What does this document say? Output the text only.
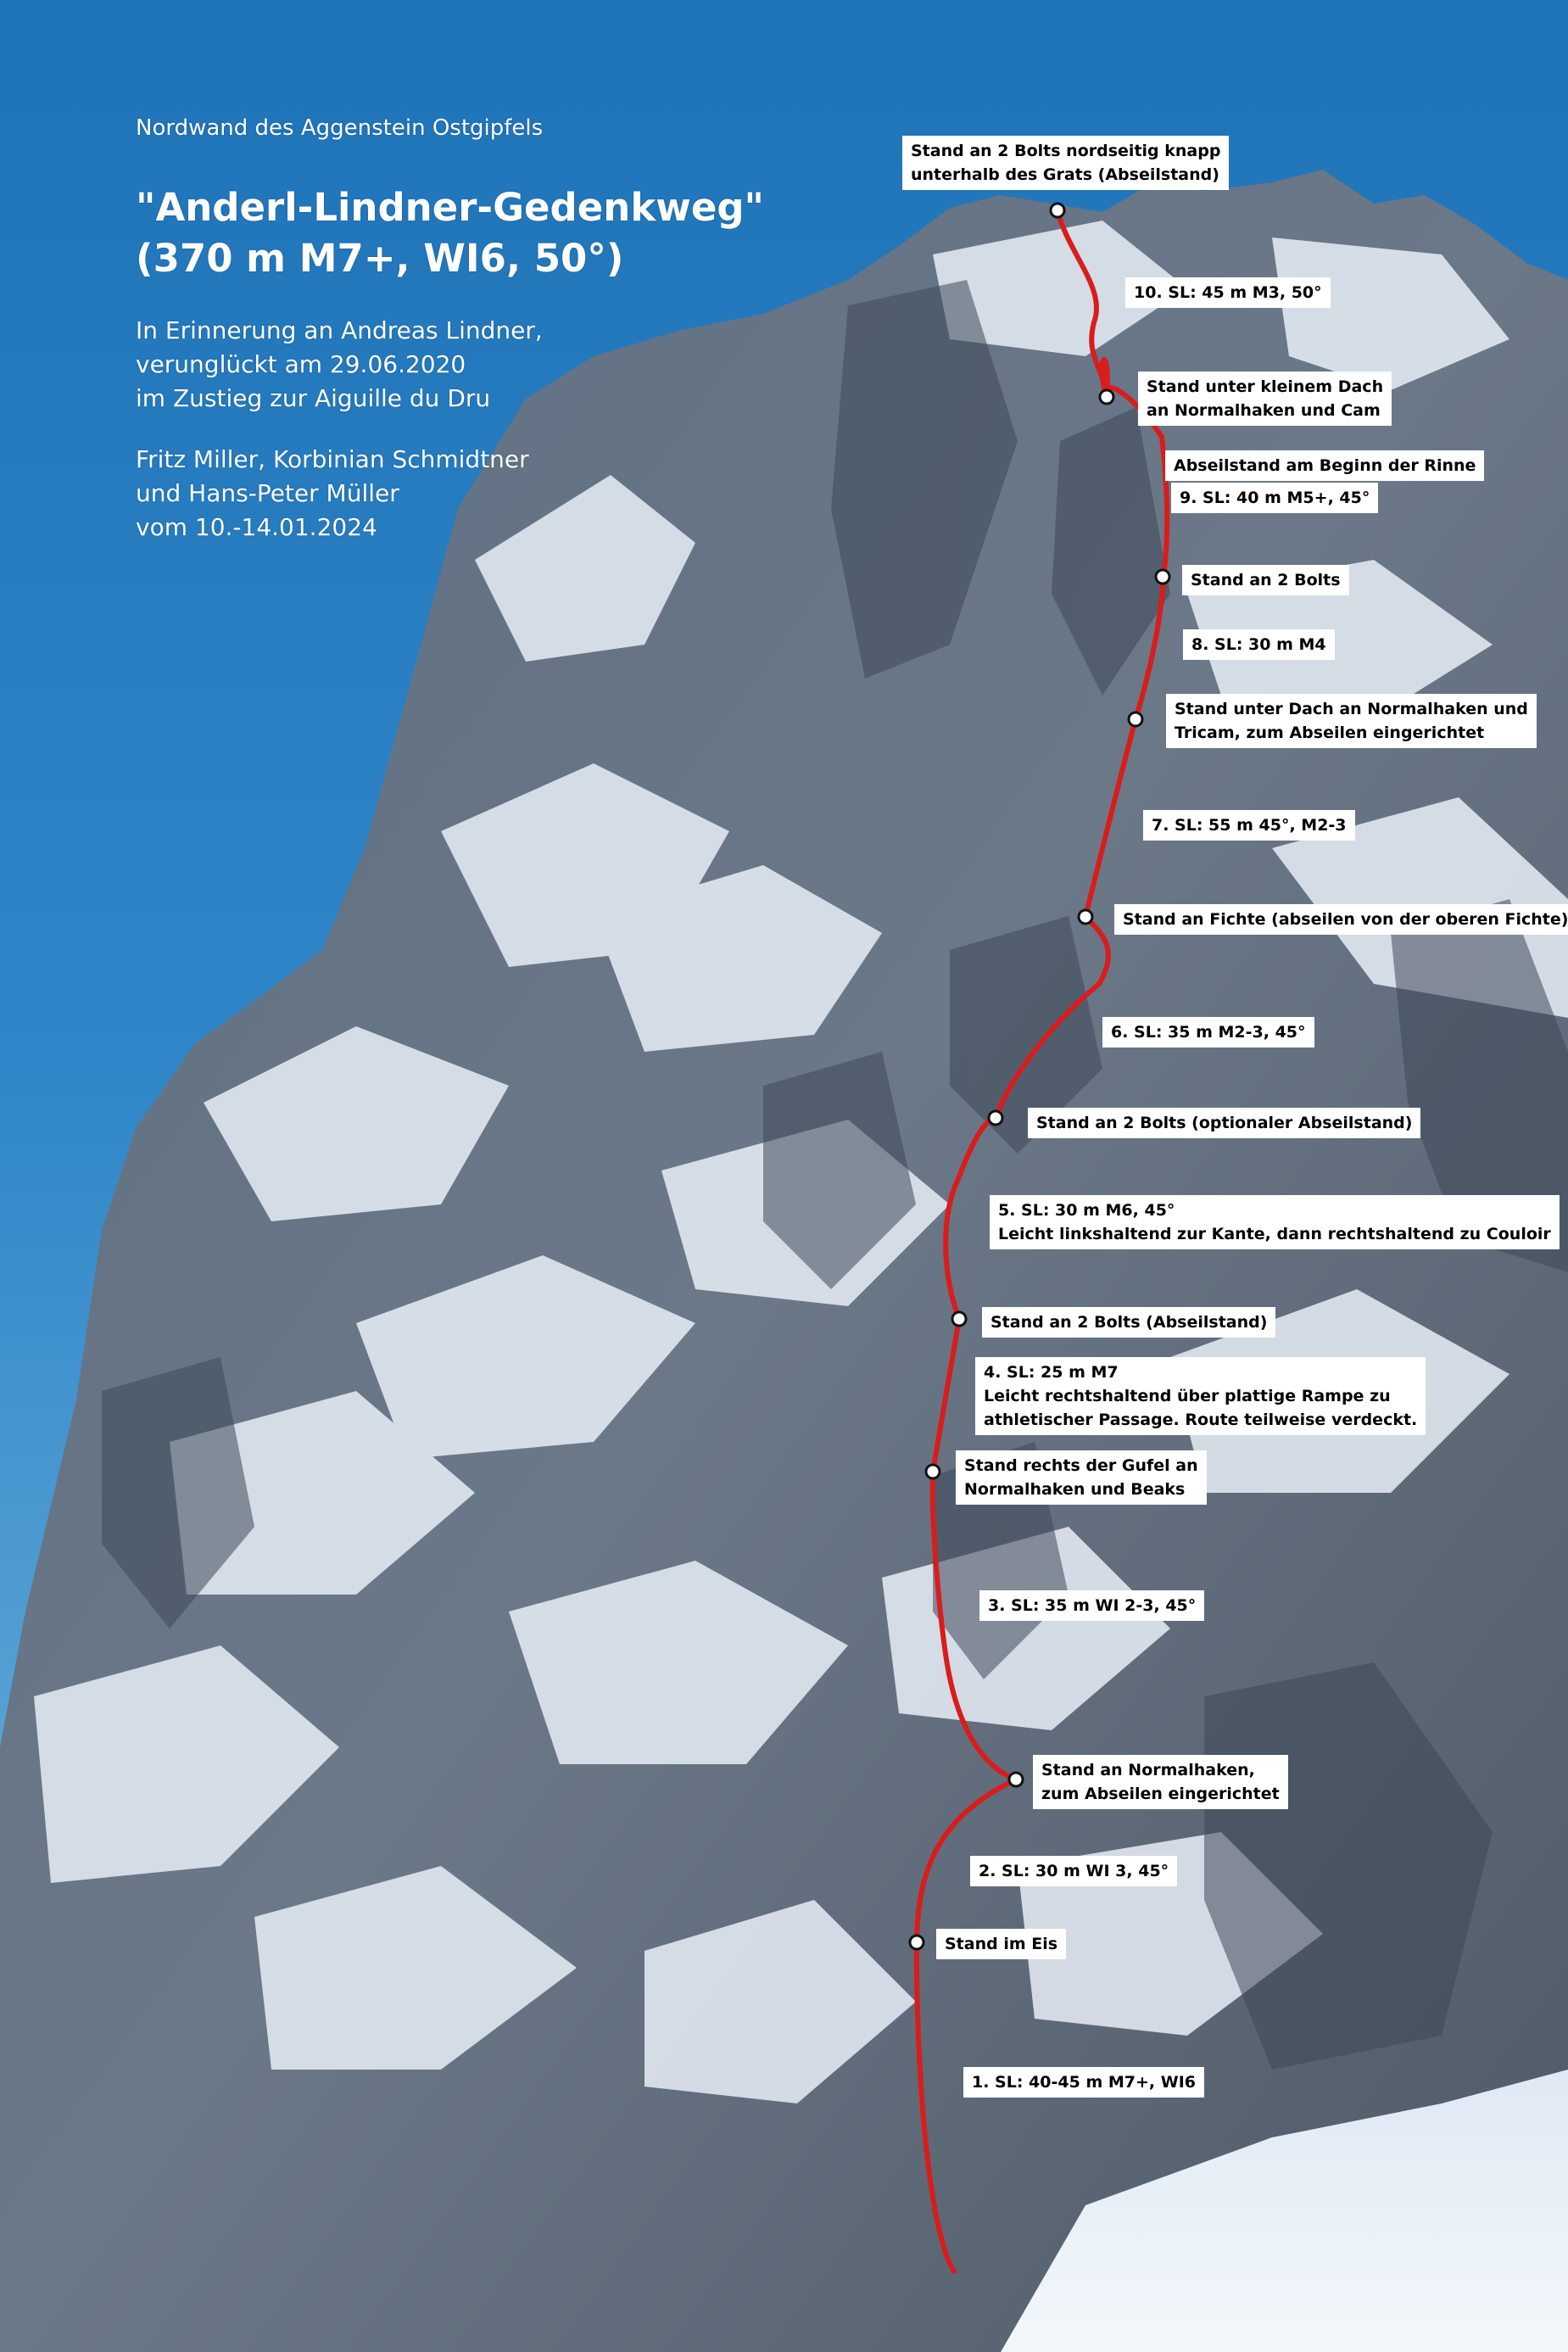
Nordwand des Aggenstein Ostgipfels
"Anderl-Lindner-Gedenkweg"
(370 m M7+, WI6, 50°)
In Erinnerung an Andreas Lindner,
verunglückt am 29.06.2020
im Zustieg zur Aiguille du Dru
Fritz Miller, Korbinian Schmidtner
und Hans-Peter Müller
vom 10.-14.01.2024
Stand an 2 Bolts nordseitig knapp
unterhalb des Grats (Abseilstand)
10. SL: 45 m M3, 50°
Stand unter kleinem Dach
an Normalhaken und Cam
Abseilstand am Beginn der Rinne
9. SL: 40 m M5+, 45°
Stand an 2 Bolts
8. SL: 30 m M4
Stand unter Dach an Normalhaken und
Tricam, zum Abseilen eingerichtet
7. SL: 55 m 45°, M2-3
Stand an Fichte (abseilen von der oberen Fichte)
6. SL: 35 m M2-3, 45°
Stand an 2 Bolts (optionaler Abseilstand)
5. SL: 30 m M6, 45°
Leicht linkshaltend zur Kante, dann rechtshaltend zu Couloir
Stand an 2 Bolts (Abseilstand)
4. SL: 25 m M7
Leicht rechtshaltend über plattige Rampe zu
athletischer Passage. Route teilweise verdeckt.
Stand rechts der Gufel an
Normalhaken und Beaks
3. SL: 35 m WI 2-3, 45°
Stand an Normalhaken,
zum Abseilen eingerichtet
2. SL: 30 m WI 3, 45°
Stand im Eis
1. SL: 40-45 m M7+, WI6
